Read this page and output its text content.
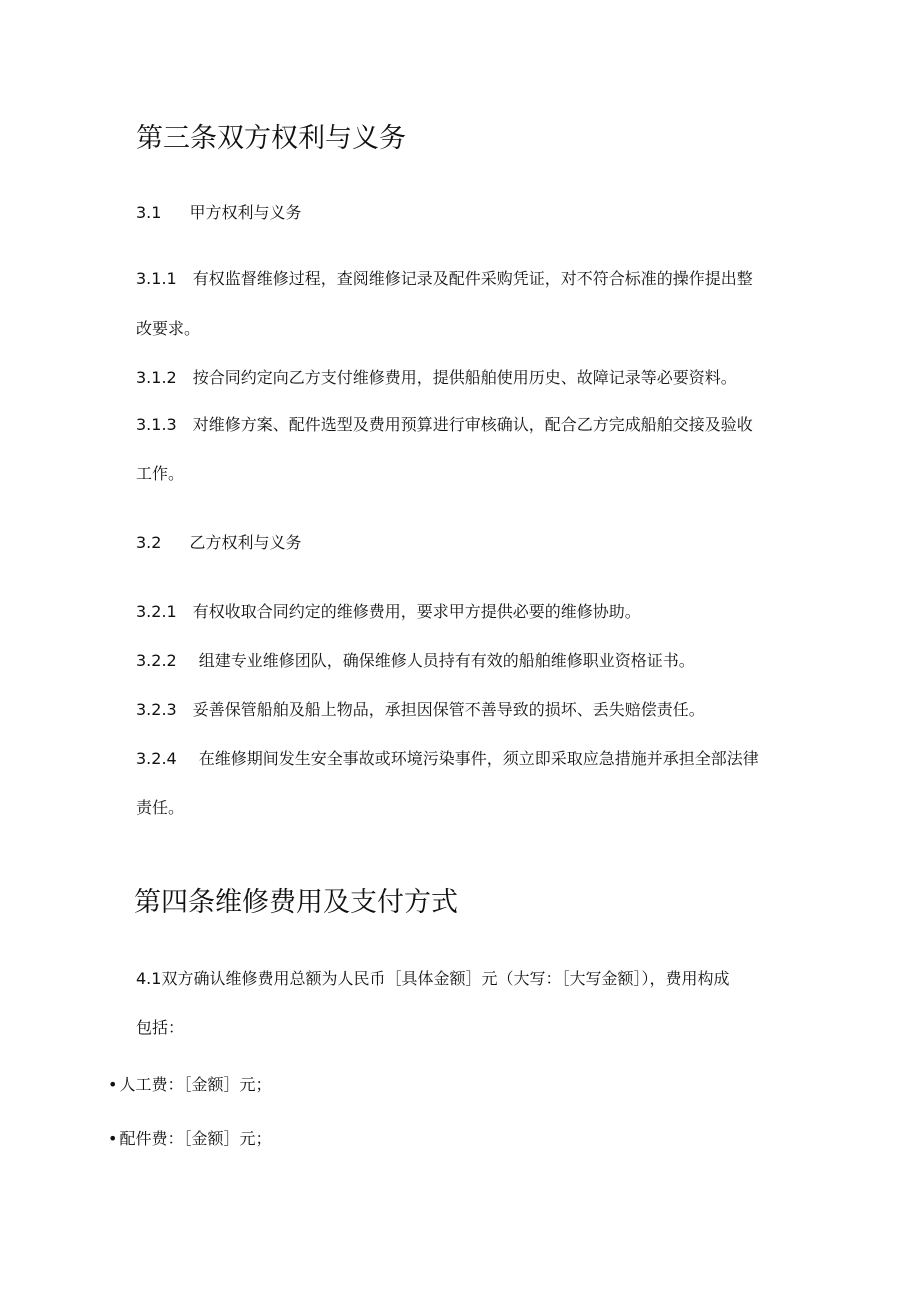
第三条双方权利与义务
3.1 甲方权利与义务
3.1.1 有权监督维修过程，查阅维修记录及配件采购凭证，对不符合标准的操作提出整
改要求。
3.1.2 按合同约定向乙方支付维修费用，提供船舶使用历史、故障记录等必要资料。
3.1.3 对维修方案、配件选型及费用预算进行审核确认，配合乙方完成船舶交接及验收
工作。
3.2 乙方权利与义务
3.2.1 有权收取合同约定的维修费用，要求甲方提供必要的维修协助。
3.2.2 组建专业维修团队，确保维修人员持有有效的船舶维修职业资格证书。
3.2.3 妥善保管船舶及船上物品，承担因保管不善导致的损坏、丢失赔偿责任。
3.2.4 在维修期间发生安全事故或环境污染事件，须立即采取应急措施并承担全部法律
责任。
第四条维修费用及支付方式
4.1双方确认维修费用总额为人民币［具体金额］元（大写：［大写金额］），费用构成
包括：
• 人工费：［金额］元；
• 配件费：［金额］元；
